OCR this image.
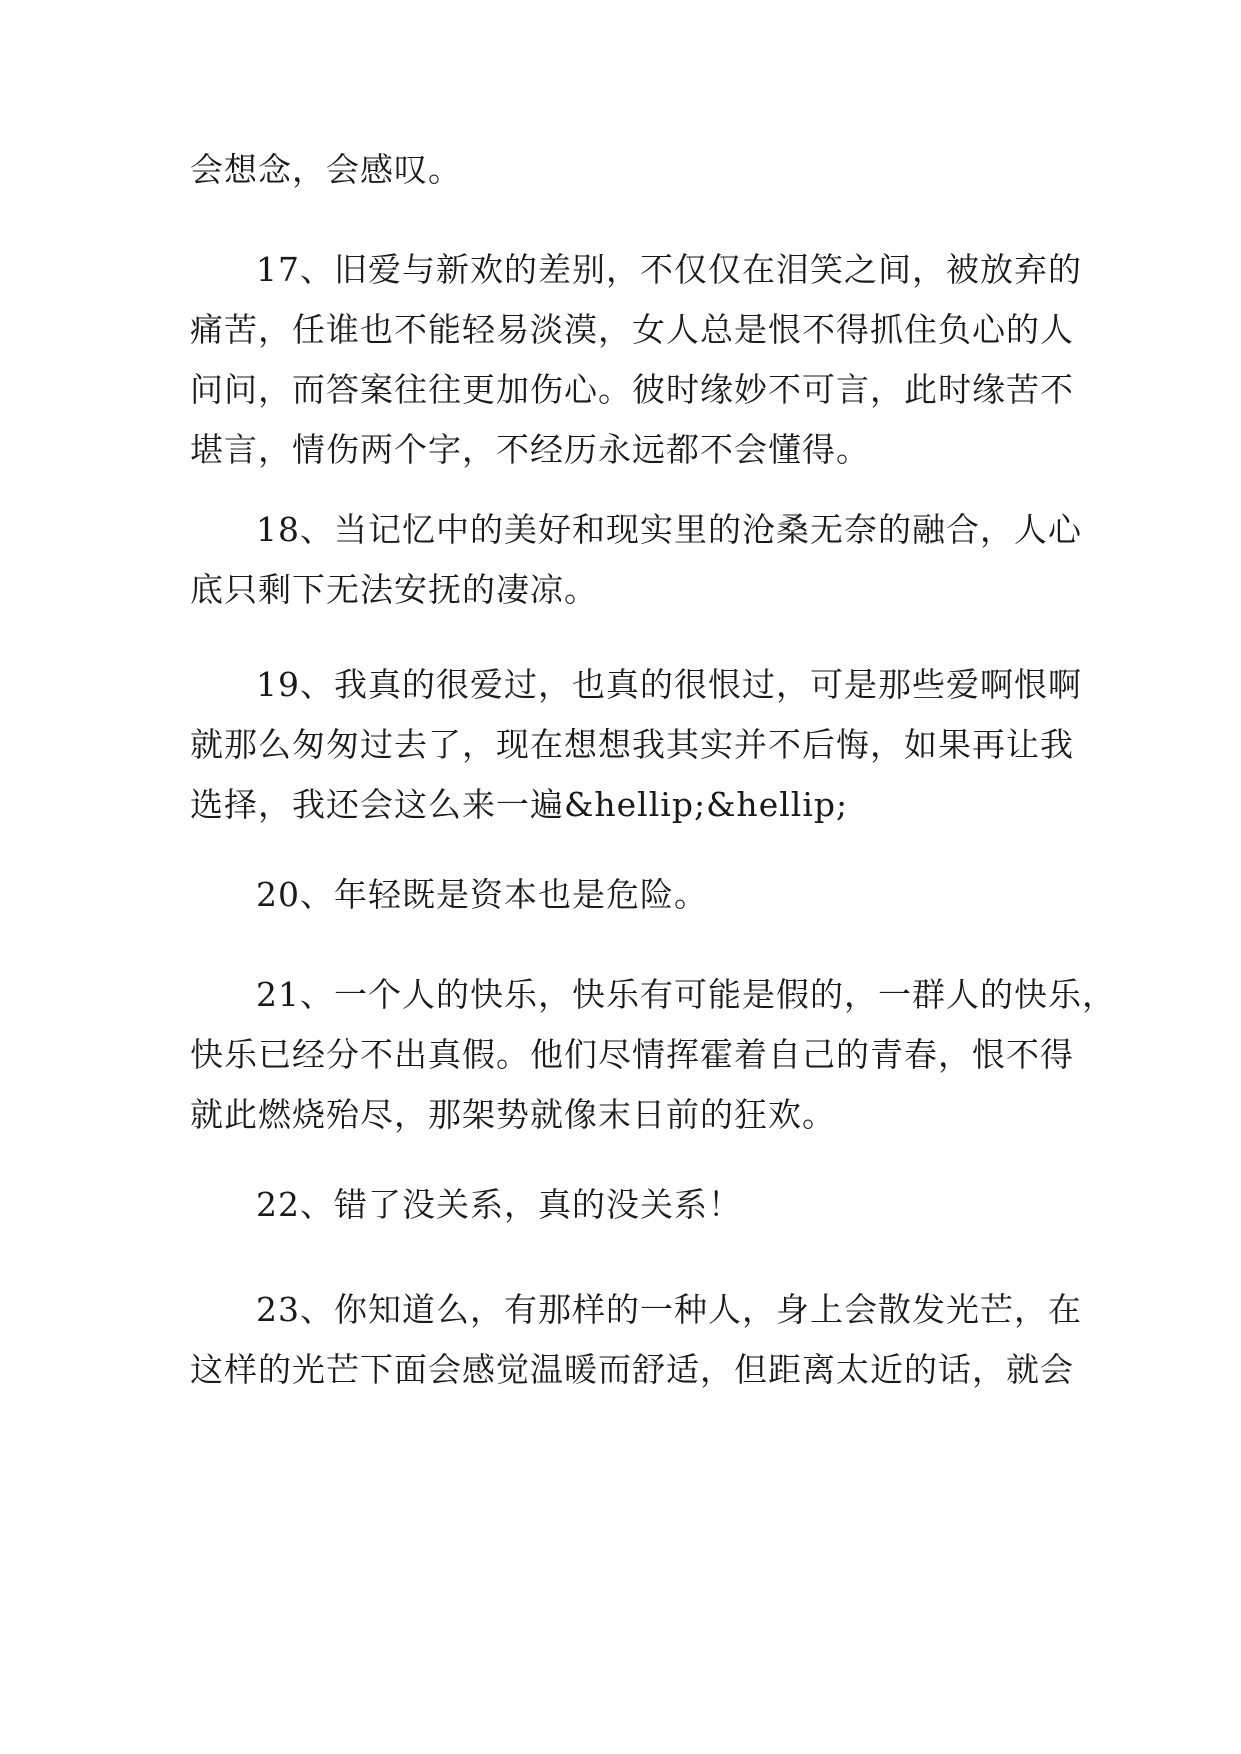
会想念，会感叹。
17、旧爱与新欢的差别，不仅仅在泪笑之间，被放弃的
痛苦，任谁也不能轻易淡漠，女人总是恨不得抓住负心的人
问问，而答案往往更加伤心。彼时缘妙不可言，此时缘苦不
堪言，情伤两个字，不经历永远都不会懂得。
18、当记忆中的美好和现实里的沧桑无奈的融合，人心
底只剩下无法安抚的凄凉。
19、我真的很爱过，也真的很恨过，可是那些爱啊恨啊
就那么匆匆过去了，现在想想我其实并不后悔，如果再让我
选择，我还会这么来一遍&hellip;&hellip;
20、年轻既是资本也是危险。
21、一个人的快乐，快乐有可能是假的，一群人的快乐，
快乐已经分不出真假。他们尽情挥霍着自己的青春，恨不得
就此燃烧殆尽，那架势就像末日前的狂欢。
22、错了没关系，真的没关系！
23、你知道么，有那样的一种人，身上会散发光芒，在
这样的光芒下面会感觉温暖而舒适，但距离太近的话，就会
